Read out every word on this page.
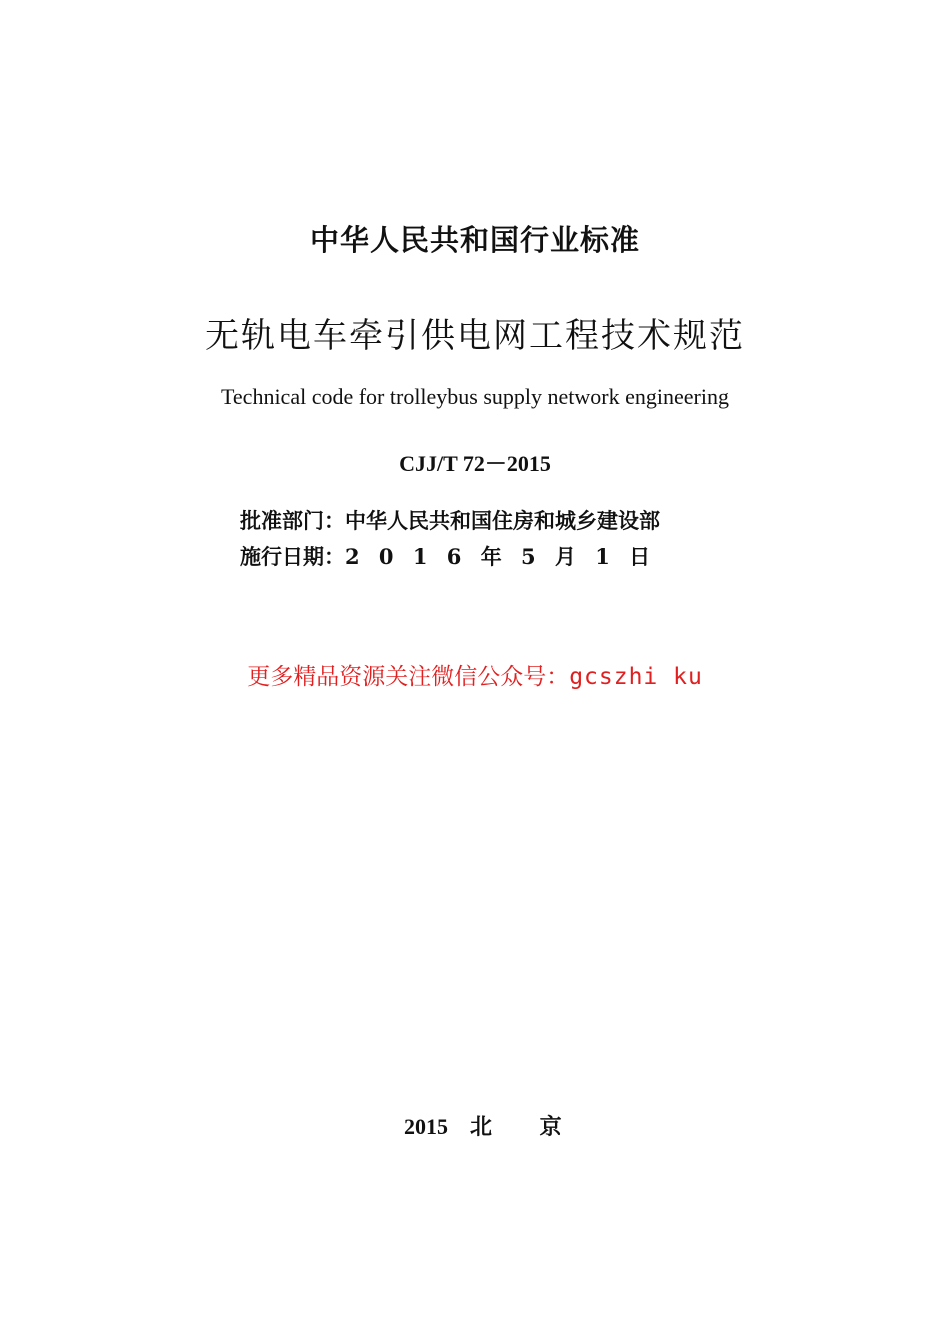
中华人民共和国行业标准
无轨电车牵引供电网工程技术规范
Technical code for trolleybus supply network engineering
CJJ/T 72－2015
批准部门：中华人民共和国住房和城乡建设部
施行日期：2 0 1 6 年 5 月 1 日
更多精品资源关注微信公众号：gcszhi ku
2015 北 京
